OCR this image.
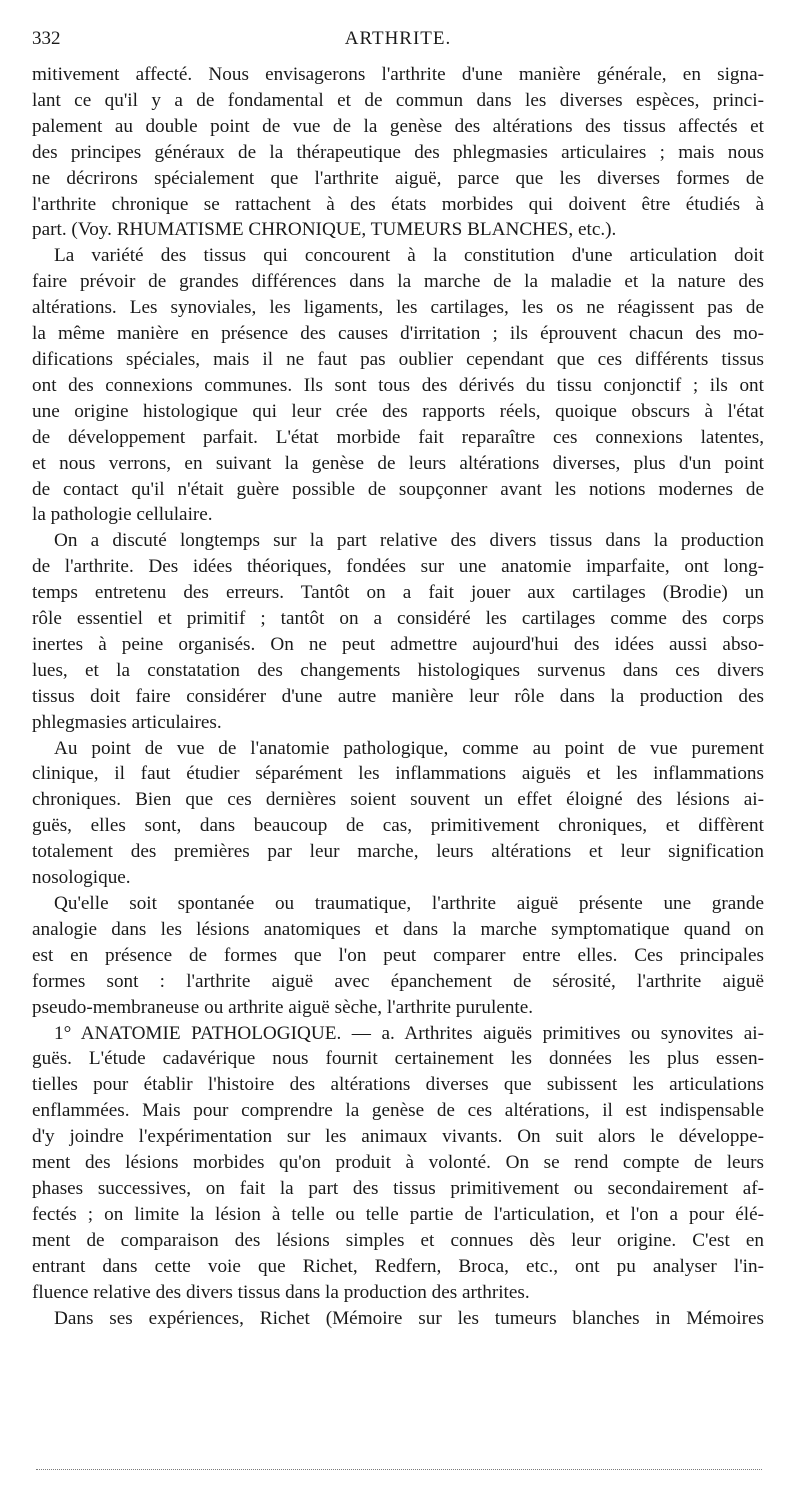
332	ARTHRITE.
mitivement affecté. Nous envisagerons l'arthrite d'une manière générale, en signa-
lant ce qu'il y a de fondamental et de commun dans les diverses espèces, princi-
palement au double point de vue de la genèse des altérations des tissus affectés et
des principes généraux de la thérapeutique des phlegmasies articulaires ; mais nous
ne décrirons spécialement que l'arthrite aiguë, parce que les diverses formes de
l'arthrite chronique se rattachent à des états morbides qui doivent être étudiés à
part. (Voy. RHUMATISME CHRONIQUE, TUMEURS BLANCHES, etc.).
La variété des tissus qui concourent à la constitution d'une articulation doit
faire prévoir de grandes différences dans la marche de la maladie et la nature des
altérations. Les synoviales, les ligaments, les cartilages, les os ne réagissent pas de
la même manière en présence des causes d'irritation ; ils éprouvent chacun des mo-
difications spéciales, mais il ne faut pas oublier cependant que ces différents tissus
ont des connexions communes. Ils sont tous des dérivés du tissu conjonctif ; ils ont
une origine histologique qui leur crée des rapports réels, quoique obscurs à l'état
de développement parfait. L'état morbide fait reparaître ces connexions latentes,
et nous verrons, en suivant la genèse de leurs altérations diverses, plus d'un point
de contact qu'il n'était guère possible de soupçonner avant les notions modernes de
la pathologie cellulaire.
On a discuté longtemps sur la part relative des divers tissus dans la production
de l'arthrite. Des idées théoriques, fondées sur une anatomie imparfaite, ont long-
temps entretenu des erreurs. Tantôt on a fait jouer aux cartilages (Brodie) un
rôle essentiel et primitif ; tantôt on a considéré les cartilages comme des corps
inertes à peine organisés. On ne peut admettre aujourd'hui des idées aussi abso-
lues, et la constatation des changements histologiques survenus dans ces divers
tissus doit faire considérer d'une autre manière leur rôle dans la production des
phlegmasies articulaires.
Au point de vue de l'anatomie pathologique, comme au point de vue purement
clinique, il faut étudier séparément les inflammations aiguës et les inflammations
chroniques. Bien que ces dernières soient souvent un effet éloigné des lésions ai-
guës, elles sont, dans beaucoup de cas, primitivement chroniques, et diffèrent
totalement des premières par leur marche, leurs altérations et leur signification
nosologique.
Qu'elle soit spontanée ou traumatique, l'arthrite aiguë présente une grande
analogie dans les lésions anatomiques et dans la marche symptomatique quand on
est en présence de formes que l'on peut comparer entre elles. Ces principales
formes sont : l'arthrite aiguë avec épanchement de sérosité, l'arthrite aiguë
pseudo-membraneuse ou arthrite aiguë sèche, l'arthrite purulente.
1° ANATOMIE PATHOLOGIQUE. — a. Arthrites aiguës primitives ou synovites ai-
guës. L'étude cadavérique nous fournit certainement les données les plus essen-
tielles pour établir l'histoire des altérations diverses que subissent les articulations
enflammées. Mais pour comprendre la genèse de ces altérations, il est indispensable
d'y joindre l'expérimentation sur les animaux vivants. On suit alors le développe-
ment des lésions morbides qu'on produit à volonté. On se rend compte de leurs
phases successives, on fait la part des tissus primitivement ou secondairement af-
fectés ; on limite la lésion à telle ou telle partie de l'articulation, et l'on a pour élé-
ment de comparaison des lésions simples et connues dès leur origine. C'est en
entrant dans cette voie que Richet, Redfern, Broca, etc., ont pu analyser l'in-
fluence relative des divers tissus dans la production des arthrites.
Dans ses expériences, Richet (Mémoire sur les tumeurs blanches in Mémoires
